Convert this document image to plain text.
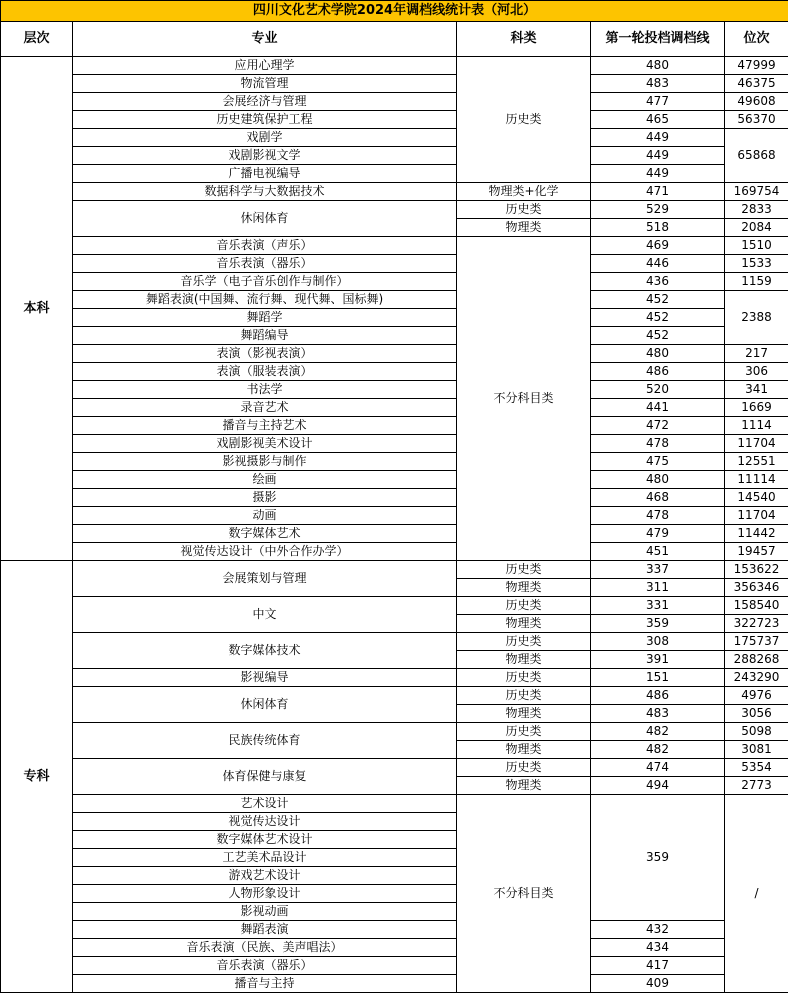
四川文化艺术学院2024年调档线统计表（河北）				
层次	专业	科类	第一轮投档调档线	位次
本科	应用心理学	历史类	480	47999
	物流管理		483	46375
	会展经济与管理		477	49608
	历史建筑保护工程		465	56370
	戏剧学		449	65868
	戏剧影视文学		449	
	广播电视编导		449	
	数据科学与大数据技术	物理类+化学	471	169754
	休闲体育	历史类	529	2833
		物理类	518	2084
	音乐表演（声乐）	不分科目类	469	1510
	音乐表演（器乐）		446	1533
	音乐学（电子音乐创作与制作）		436	1159
	舞蹈表演(中国舞、流行舞、现代舞、国标舞)		452	2388
	舞蹈学		452	
	舞蹈编导		452	
	表演（影视表演）		480	217
	表演（服装表演）		486	306
	书法学		520	341
	录音艺术		441	1669
	播音与主持艺术		472	1114
	戏剧影视美术设计		478	11704
	影视摄影与制作		475	12551
	绘画		480	11114
	摄影		468	14540
	动画		478	11704
	数字媒体艺术		479	11442
	视觉传达设计（中外合作办学）		451	19457
专科	会展策划与管理	历史类	337	153622
		物理类	311	356346
	中文	历史类	331	158540
		物理类	359	322723
	数字媒体技术	历史类	308	175737
		物理类	391	288268
	影视编导	历史类	151	243290
	休闲体育	历史类	486	4976
		物理类	483	3056
	民族传统体育	历史类	482	5098
		物理类	482	3081
	体育保健与康复	历史类	474	5354
		物理类	494	2773
	艺术设计	不分科目类	359	/
	视觉传达设计			
	数字媒体艺术设计			
	工艺美术品设计			
	游戏艺术设计			
	人物形象设计			
	影视动画			
	舞蹈表演		432	
	音乐表演（民族、美声唱法）		434	
	音乐表演（器乐）		417	
	播音与主持		409	
